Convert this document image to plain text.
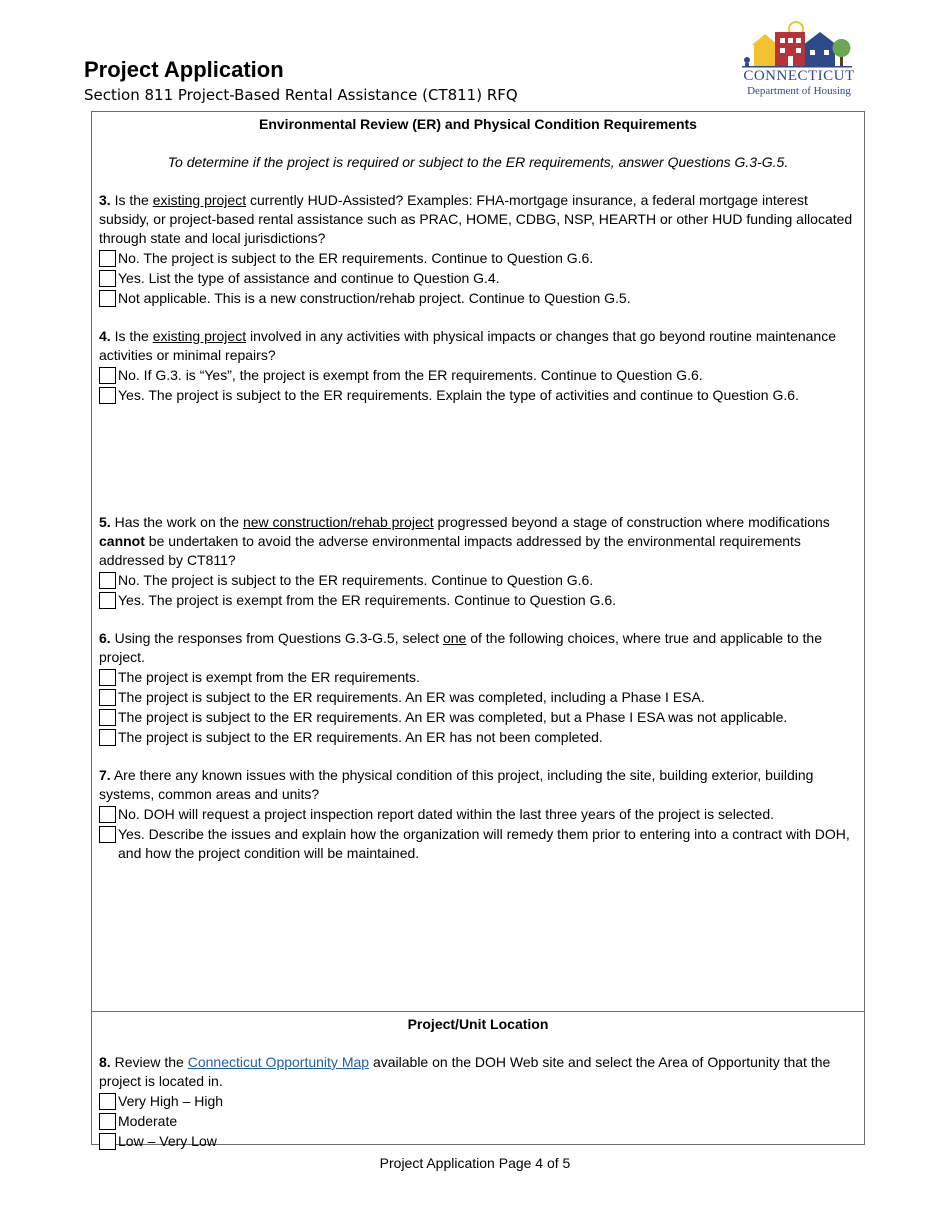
Project Application
Section 811 Project-Based Rental Assistance (CT811) RFQ
CONNECTICUT
Department of Housing
Environmental Review (ER) and Physical Condition Requirements
To determine if the project is required or subject to the ER requirements, answer Questions G.3-G.5.

3. Is the existing project currently HUD-Assisted? Examples: FHA-mortgage insurance, a federal mortgage interest subsidy, or project-based rental assistance such as PRAC, HOME, CDBG, NSP, HEARTH or other HUD funding allocated through state and local jurisdictions?

No. The project is subject to the ER requirements. Continue to Question G.6.
Yes. List the type of assistance and continue to Question G.4.
Not applicable. This is a new construction/rehab project. Continue to Question G.5.

4. Is the existing project involved in any activities with physical impacts or changes that go beyond routine maintenance activities or minimal repairs?

No. If G.3. is “Yes”, the project is exempt from the ER requirements. Continue to Question G.6.
Yes. The project is subject to the ER requirements. Explain the type of activities and continue to Question G.6.

5. Has the work on the new construction/rehab project progressed beyond a stage of construction where modifications cannot be undertaken to avoid the adverse environmental impacts addressed by the environmental requirements addressed by CT811?

No. The project is subject to the ER requirements. Continue to Question G.6.
Yes. The project is exempt from the ER requirements. Continue to Question G.6.

6. Using the responses from Questions G.3-G.5, select one of the following choices, where true and applicable to the project.

The project is exempt from the ER requirements.
The project is subject to the ER requirements. An ER was completed, including a Phase I ESA.
The project is subject to the ER requirements. An ER was completed, but a Phase I ESA was not applicable.
The project is subject to the ER requirements. An ER has not been completed.

7. Are there any known issues with the physical condition of this project, including the site, building exterior, building systems, common areas and units?

No. DOH will request a project inspection report dated within the last three years of the project is selected.
Yes. Describe the issues and explain how the organization will remedy them prior to entering into a contract with DOH, and how the project condition will be maintained.
Project/Unit Location

8. Review the Connecticut Opportunity Map available on the DOH Web site and select the Area of Opportunity that the project is located in.

Very High – High
Moderate
Low – Very Low
Project Application Page 4 of 5
